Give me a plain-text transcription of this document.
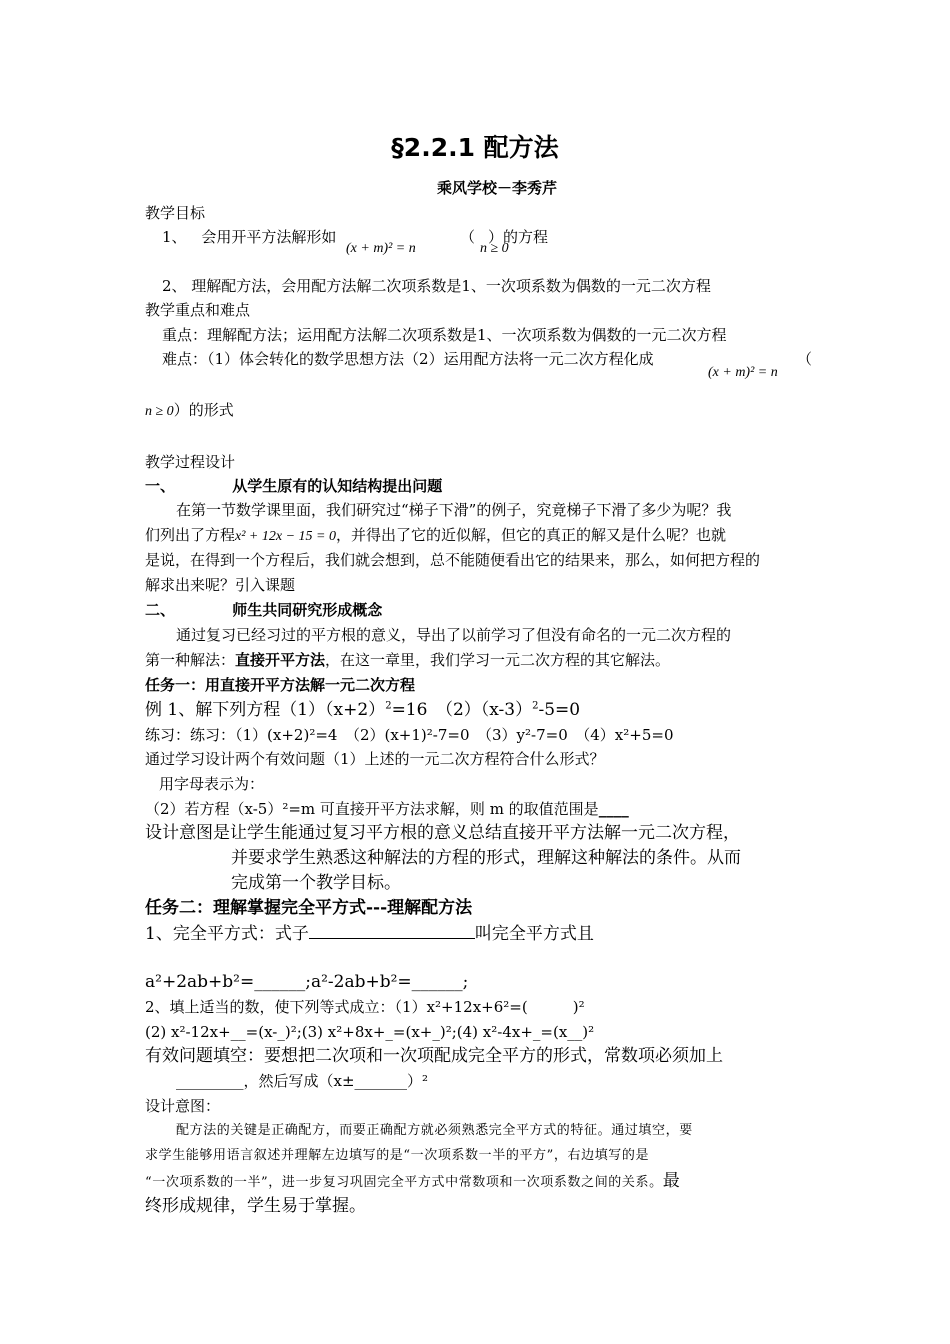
§2.2.1 配方法
乘风学校－李秀芹
教学目标
1、 会用开平方法解形如
(x + m)² = n
（
n ≥ 0
）的方程
2、 理解配方法，会用配方法解二次项系数是1、一次项系数为偶数的一元二次方程
教学重点和难点
重点：理解配方法；运用配方法解二次项系数是1、一次项系数为偶数的一元二次方程
难点：（1）体会转化的数学思想方法（2）运用配方法将一元二次方程化成
(x + m)² = n
（
n ≥ 0）的形式
教学过程设计
一、	从学生原有的认知结构提出问题
在第一节数学课里面，我们研究过“梯子下滑”的例子，究竟梯子下滑了多少为呢？我
们列出了方程x² + 12x − 15 = 0，并得出了它的近似解，但它的真正的解又是什么呢？也就
是说，在得到一个方程后，我们就会想到，总不能随便看出它的结果来，那么，如何把方程的
解求出来呢？引入课题
二、	师生共同研究形成概念
通过复习已经习过的平方根的意义，导出了以前学习了但没有命名的一元二次方程的
第一种解法：直接开平方法，在这一章里，我们学习一元二次方程的其它解法。
任务一：用直接开平方法解一元二次方程
例 1、解下列方程$(1)(x+2)^2=16$　$(2)(x-3)^2-5=0$
练习：练习：（1）(x+2)²=4　（2）(x+1)²-7=0　（3）y²-7=0　（4）x²+5=0
通过学习设计两个有效问题（1）上述的一元二次方程符合什么形式？
用字母表示为：
（2）若方程（x-5）²=m 可直接开平方法求解，则 m 的取值范围是____
设计意图是让学生能通过复习平方根的意义总结直接开平方法解一元二次方程，
并要求学生熟悉这种解法的方程的形式，理解这种解法的条件。从而
完成第一个教学目标。
任务二：理解掌握完全平方式---理解配方法
1、完全平方式：式子	叫完全平方式且
a²+2ab+b²=______;a²-2ab+b²=______;
2、填上适当的数，使下列等式成立：（1）x²+12x+6²=(　　　)²
(2) x²-12x+__=(x-_)²;(3) x²+8x+_=(x+_)²;(4) x²-4x+_=(x__)²
有效问题填空：要想把二次项和一次项配成完全平方的形式，常数项必须加上
_________，然后写成（x±_______）²
设计意图：
配方法的关键是正确配方，而要正确配方就必须熟悉完全平方式的特征。通过填空，要
求学生能够用语言叙述并理解左边填写的是“一次项系数一半的平方”，右边填写的是
“一次项系数的一半”，进一步复习巩固完全平方式中常数项和一次项系数之间的关系。最
终形成规律，学生易于掌握。
